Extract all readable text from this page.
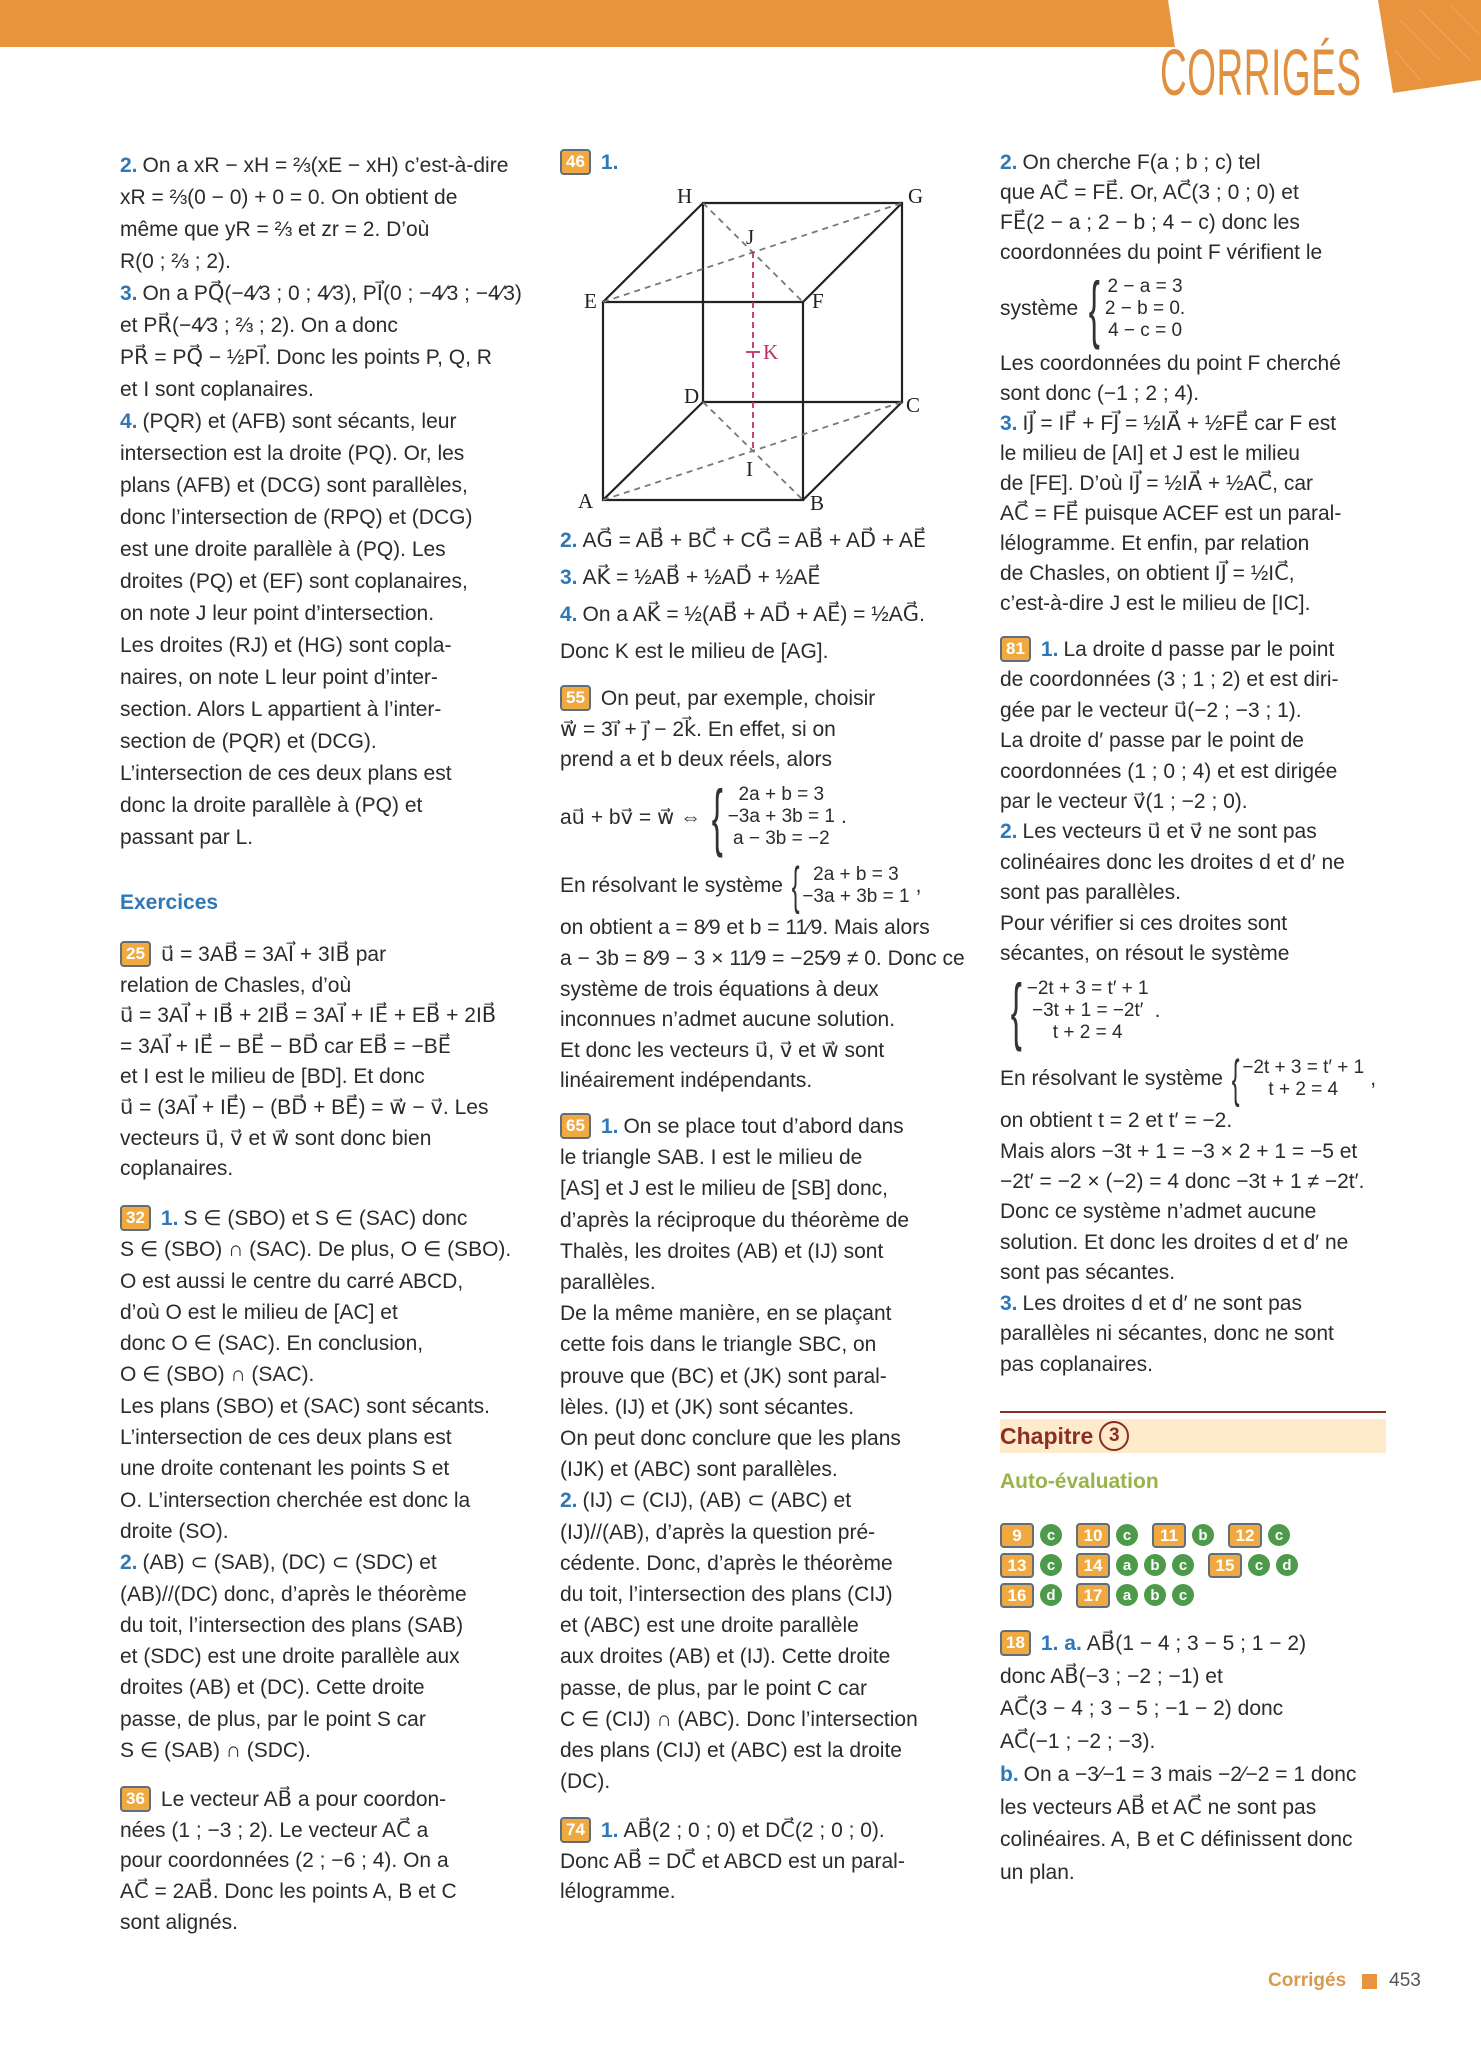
CORRIGÉS
2. On a xR − xH = ⅔(xE − xH) c’est-à-dire
xR = ⅔(0 − 0) + 0 = 0. On obtient de
même que yR = ⅔ et zr = 2. D’où
R(0 ; ⅔ ; 2).
3. On a PQ⃗(−4⁄3 ; 0 ; 4⁄3), PI⃗(0 ; −4⁄3 ; −4⁄3)
et PR⃗(−4⁄3 ; ⅔ ; 2). On a donc
PR⃗ = PQ⃗ − ½PI⃗. Donc les points P, Q, R
et I sont coplanaires.
4. (PQR) et (AFB) sont sécants, leur
intersection est la droite (PQ). Or, les
plans (AFB) et (DCG) sont parallèles,
donc l’intersection de (RPQ) et (DCG)
est une droite parallèle à (PQ). Les
droites (PQ) et (EF) sont coplanaires,
on note J leur point d’intersection.
Les droites (RJ) et (HG) sont copla-
naires, on note L leur point d’inter-
section. Alors L appartient à l’inter-
section de (PQR) et (DCG).
L’intersection de ces deux plans est
donc la droite parallèle à (PQ) et
passant par L.
Exercices
25 u⃗ = 3AB⃗ = 3AI⃗ + 3IB⃗ par
relation de Chasles, d’où
u⃗ = 3AI⃗ + IB⃗ + 2IB⃗ = 3AI⃗ + IE⃗ + EB⃗ + 2IB⃗
= 3AI⃗ + IE⃗ − BE⃗ − BD⃗ car EB⃗ = −BE⃗
et I est le milieu de [BD]. Et donc
u⃗ = (3AI⃗ + IE⃗) − (BD⃗ + BE⃗) = w⃗ − v⃗. Les
vecteurs u⃗, v⃗ et w⃗ sont donc bien
coplanaires.
32 1. S ∈ (SBO) et S ∈ (SAC) donc
S ∈ (SBO) ∩ (SAC). De plus, O ∈ (SBO).
O est aussi le centre du carré ABCD,
d’où O est le milieu de [AC] et
donc O ∈ (SAC). En conclusion,
O ∈ (SBO) ∩ (SAC).
Les plans (SBO) et (SAC) sont sécants.
L’intersection de ces deux plans est
une droite contenant les points S et
O. L’intersection cherchée est donc la
droite (SO).
2. (AB) ⊂ (SAB), (DC) ⊂ (SDC) et
(AB)//(DC) donc, d’après le théorème
du toit, l’intersection des plans (SAB)
et (SDC) est une droite parallèle aux
droites (AB) et (DC). Cette droite
passe, de plus, par le point S car
S ∈ (SAB) ∩ (SDC).
36 Le vecteur AB⃗ a pour coordon-
nées (1 ; −3 ; 2). Le vecteur AC⃗ a
pour coordonnées (2 ; −6 ; 4). On a
AC⃗ = 2AB⃗. Donc les points A, B et C
sont alignés.
46 1.
2. AG⃗ = AB⃗ + BC⃗ + CG⃗ = AB⃗ + AD⃗ + AE⃗
3. AK⃗ = ½AB⃗ + ½AD⃗ + ½AE⃗
4. On a AK⃗ = ½(AB⃗ + AD⃗ + AE⃗) = ½AG⃗.
Donc K est le milieu de [AG].
55 On peut, par exemple, choisir
w⃗ = 3i⃗ + j⃗ − 2k⃗. En effet, si on
prend a et b deux réels, alors
au⃗ + bv⃗ = w⃗ ⇔ { 2a + b = 3
−3a + 3b = 1
a − 3b = −2
.
En résolvant le système { 2a + b = 3
−3a + 3b = 1 ,
on obtient a = 8⁄9 et b = 11⁄9. Mais alors
a − 3b = 8⁄9 − 3 × 11⁄9 = −25⁄9 ≠ 0. Donc ce
système de trois équations à deux
inconnues n’admet aucune solution.
Et donc les vecteurs u⃗, v⃗ et w⃗ sont
linéairement indépendants.
65 1. On se place tout d’abord dans
le triangle SAB. I est le milieu de
[AS] et J est le milieu de [SB] donc,
d’après la réciproque du théorème de
Thalès, les droites (AB) et (IJ) sont
parallèles.
De la même manière, en se plaçant
cette fois dans le triangle SBC, on
prouve que (BC) et (JK) sont paral-
lèles. (IJ) et (JK) sont sécantes.
On peut donc conclure que les plans
(IJK) et (ABC) sont parallèles.
2. (IJ) ⊂ (CIJ), (AB) ⊂ (ABC) et
(IJ)//(AB), d’après la question pré-
cédente. Donc, d’après le théorème
du toit, l’intersection des plans (CIJ)
et (ABC) est une droite parallèle
aux droites (AB) et (IJ). Cette droite
passe, de plus, par le point C car
C ∈ (CIJ) ∩ (ABC). Donc l’intersection
des plans (CIJ) et (ABC) est la droite
(DC).
74 1. AB⃗(2 ; 0 ; 0) et DC⃗(2 ; 0 ; 0).
Donc AB⃗ = DC⃗ et ABCD est un paral-
lélogramme.
2. On cherche F(a ; b ; c) tel
que AC⃗ = FE⃗. Or, AC⃗(3 ; 0 ; 0) et
FE⃗(2 − a ; 2 − b ; 4 − c) donc les
coordonnées du point F vérifient le
système { 2 − a = 3
2 − b = 0.
4 − c = 0
Les coordonnées du point F cherché
sont donc (−1 ; 2 ; 4).
3. IJ⃗ = IF⃗ + FJ⃗ = ½IA⃗ + ½FE⃗ car F est
le milieu de [AI] et J est le milieu
de [FE]. D’où IJ⃗ = ½IA⃗ + ½AC⃗, car
AC⃗ = FE⃗ puisque ACEF est un paral-
lélogramme. Et enfin, par relation
de Chasles, on obtient IJ⃗ = ½IC⃗,
c’est-à-dire J est le milieu de [IC].
81 1. La droite d passe par le point
de coordonnées (3 ; 1 ; 2) et est diri-
gée par le vecteur u⃗(−2 ; −3 ; 1).
La droite d′ passe par le point de
coordonnées (1 ; 0 ; 4) et est dirigée
par le vecteur v⃗(1 ; −2 ; 0).
2. Les vecteurs u⃗ et v⃗ ne sont pas
colinéaires donc les droites d et d′ ne
sont pas parallèles.
Pour vérifier si ces droites sont
sécantes, on résout le système
{ −2t + 3 = t′ + 1
−3t + 1 = −2t′
t + 2 = 4
.
En résolvant le système { −2t + 3 = t′ + 1
t + 2 = 4 ,
on obtient t = 2 et t′ = −2.
Mais alors −3t + 1 = −3 × 2 + 1 = −5 et
−2t′ = −2 × (−2) = 4 donc −3t + 1 ≠ −2t′.
Donc ce système n’admet aucune
solution. Et donc les droites d et d′ ne
sont pas sécantes.
3. Les droites d et d′ ne sont pas
parallèles ni sécantes, donc ne sont
pas coplanaires.
18 1. a. AB⃗(1 − 4 ; 3 − 5 ; 1 − 2)
donc AB⃗(−3 ; −2 ; −1) et
AC⃗(3 − 4 ; 3 − 5 ; −1 − 2) donc
AC⃗(−1 ; −2 ; −3).
b. On a −3⁄−1 = 3 mais −2⁄−2 = 1 donc
les vecteurs AB⃗ et AC⃗ ne sont pas
colinéaires. A, B et C définissent donc
un plan.
A	B
C
D
E	F
G
H
I
J
K
Chapitre 3
Auto-évaluation
9	c	10	c	11	b	12	c
13	c	14	a	b	c	15	c	d
16	d	17	a	b	c
Corrigés 453
